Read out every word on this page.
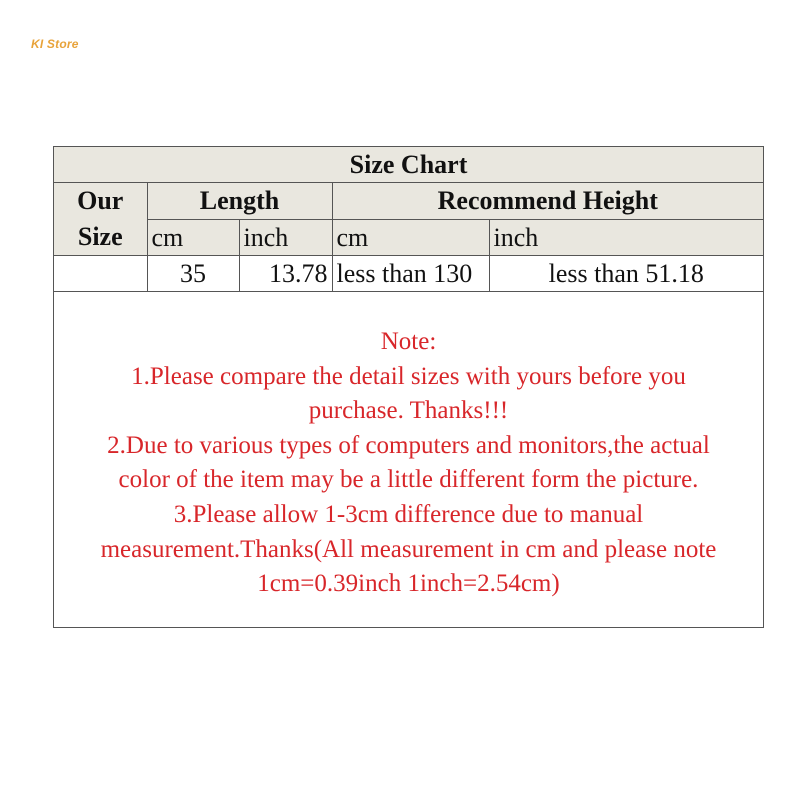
KI Store
Size Chart				
Our
Size	Length		Recommend Height	
	cm	inch	cm	inch
	35	13.78	less than 130	less than 51.18
Note:
1.Please compare the detail sizes with yours before you
purchase. Thanks!!!
2.Due to various types of computers and monitors,the actual
color of the item may be a little different form the picture.
3.Please allow 1-3cm difference due to manual
measurement.Thanks(All measurement in cm and please note
1cm=0.39inch 1inch=2.54cm)
